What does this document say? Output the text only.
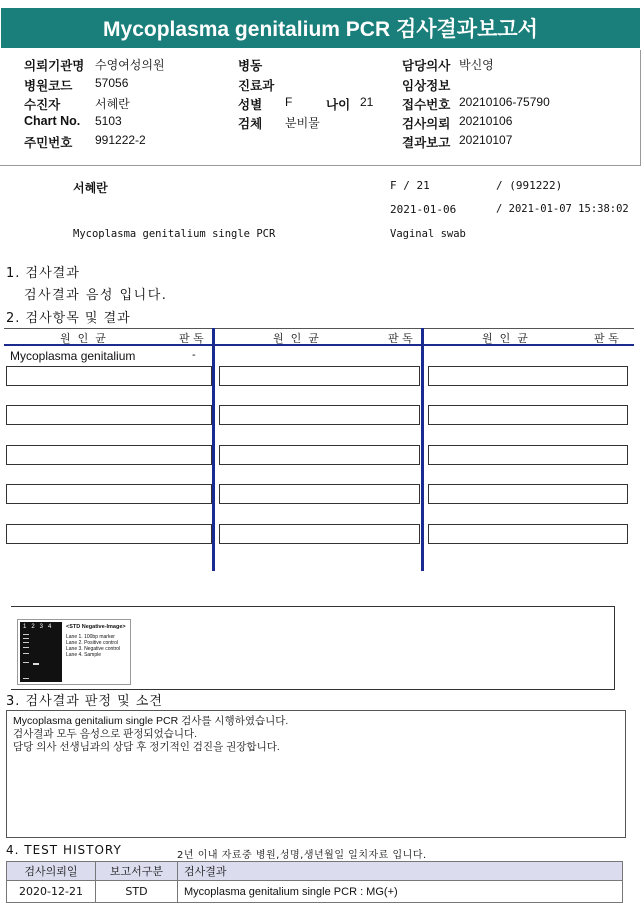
Mycoplasma genitalium PCR 검사결과보고서
의뢰기관명 수영여성의원
병원코드 57056
수진자	서혜란
Chart No. 5103
주민번호 991222-2
병동
진료과
성별 F	나이 21
검체 분비물
담당의사 박신영
임상정보
접수번호 20210106-75790
검사의뢰 20210106
결과보고 20210107
서혜란	F / 21	/ (991222)
2021-01-06	/ 2021-01-07 15:38:02
Mycoplasma genitalium single PCR	Vaginal swab
1. 검사결과
검사결과 음성 입니다.
2. 검사항목 및 결과
원  인  균	판 독	원  인  균	판 독	원  인  균	판 독
Mycoplasma genitalium	-
1   2   3   4	<STD Negative-Image>
Lane 1. 100bp marker
Lane 2. Positive control
Lane 3. Negative control
Lane 4. Sample
3. 검사결과 판정 및 소견
Mycoplasma genitalium single PCR 검사를 시행하였습니다.
검사결과 모두 음성으로 판정되었습니다.
담당 의사 선생님과의 상담 후 정기적인 검진을 권장합니다.
4. TEST HISTORY	2년 이내 자료중 병원,성명,생년월일 일치자료 입니다.
검사의뢰일	보고서구분	검사결과
2020-12-21	STD	Mycoplasma genitalium single PCR : MG(+)
